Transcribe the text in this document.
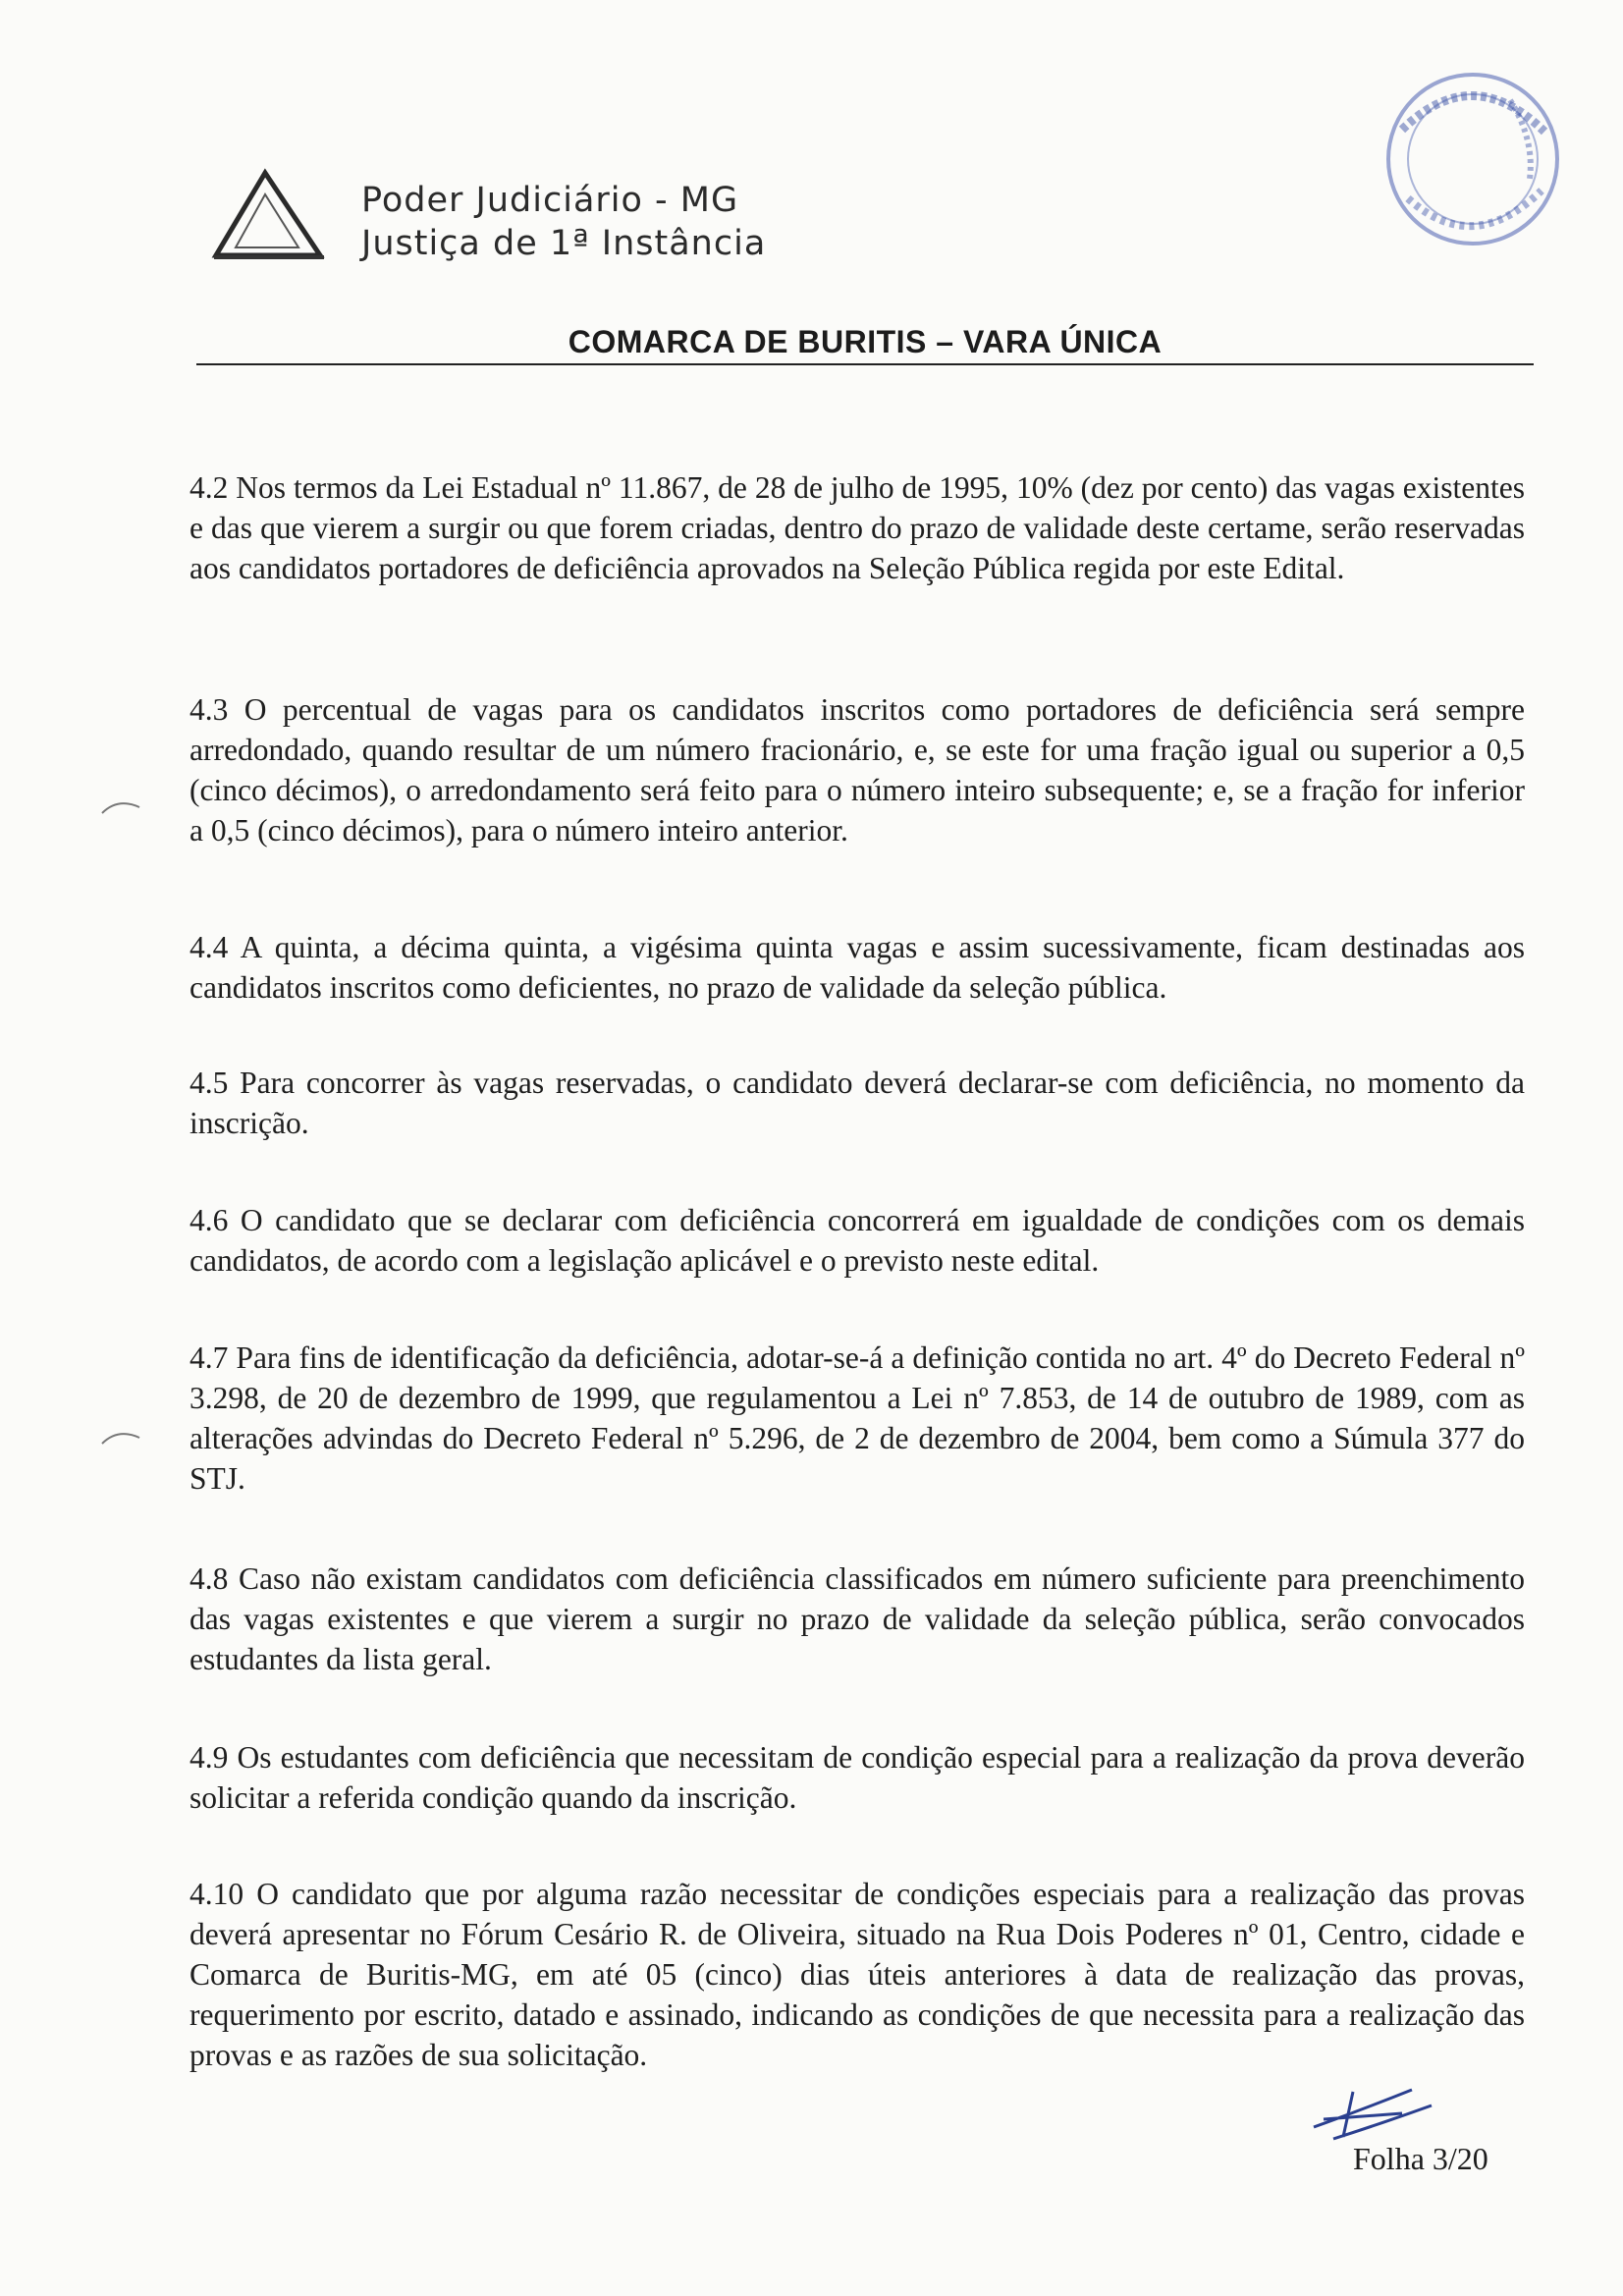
Poder Judiciário - MG
Justiça de 1ª Instância
COMARCA DE BURITIS – VARA ÚNICA

4.2 Nos termos da Lei Estadual nº 11.867, de 28 de julho de 1995, 10% (dez por cento) das vagas existentes e das que vierem a surgir ou que forem criadas, dentro do prazo de validade deste certame, serão reservadas aos candidatos portadores de deficiência aprovados na Seleção Pública regida por este Edital.

4.3 O percentual de vagas para os candidatos inscritos como portadores de deficiência será sempre arredondado, quando resultar de um número fracionário, e, se este for uma fração igual ou superior a 0,5 (cinco décimos), o arredondamento será feito para o número inteiro subsequente; e, se a fração for inferior a 0,5 (cinco décimos), para o número inteiro anterior.

4.4 A quinta, a décima quinta, a vigésima quinta vagas e assim sucessivamente, ficam destinadas aos candidatos inscritos como deficientes, no prazo de validade da seleção pública.

4.5 Para concorrer às vagas reservadas, o candidato deverá declarar-se com deficiência, no momento da inscrição.

4.6 O candidato que se declarar com deficiência concorrerá em igualdade de condições com os demais candidatos, de acordo com a legislação aplicável e o previsto neste edital.

4.7 Para fins de identificação da deficiência, adotar-se-á a definição contida no art. 4º do Decreto Federal nº 3.298, de 20 de dezembro de 1999, que regulamentou a Lei nº 7.853, de 14 de outubro de 1989, com as alterações advindas do Decreto Federal nº 5.296, de 2 de dezembro de 2004, bem como a Súmula 377 do STJ.

4.8 Caso não existam candidatos com deficiência classificados em número suficiente para preenchimento das vagas existentes e que vierem a surgir no prazo de validade da seleção pública, serão convocados estudantes da lista geral.

4.9 Os estudantes com deficiência que necessitam de condição especial para a realização da prova deverão solicitar a referida condição quando da inscrição.

4.10 O candidato que por alguma razão necessitar de condições especiais para a realização das provas deverá apresentar no Fórum Cesário R. de Oliveira, situado na Rua Dois Poderes nº 01, Centro, cidade e Comarca de Buritis-MG, em até 05 (cinco) dias úteis anteriores à data de realização das provas, requerimento por escrito, datado e assinado, indicando as condições de que necessita para a realização das provas e as razões de sua solicitação.

Folha 3/20
